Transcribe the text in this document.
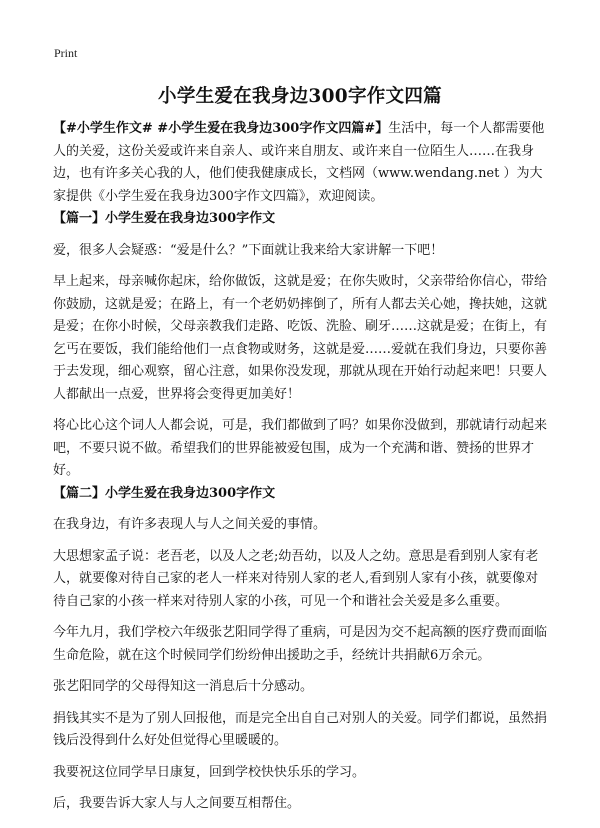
Print
小学生爱在我身边300字作文四篇

【#小学生作文# #小学生爱在我身边300字作文四篇#】生活中，每一个人都需要他人的关爱，这份关爱或许来自亲人、或许来自朋友、或许来自一位陌生人……在我身边，也有许多关心我的人，他们使我健康成长，文档网（www.wendang.net ）为大家提供《小学生爱在我身边300字作文四篇》，欢迎阅读。

【篇一】小学生爱在我身边300字作文

爱，很多人会疑惑：“爱是什么？”下面就让我来给大家讲解一下吧！

早上起来，母亲喊你起床，给你做饭，这就是爱；在你失败时，父亲带给你信心，带给你鼓励，这就是爱；在路上，有一个老奶奶摔倒了，所有人都去关心她，搀扶她，这就是爱；在你小时候，父母亲教我们走路、吃饭、洗脸、刷牙……这就是爱；在街上，有乞丐在要饭，我们能给他们一点食物或财务，这就是爱……爱就在我们身边，只要你善于去发现，细心观察，留心注意，如果你没发现，那就从现在开始行动起来吧！只要人人都献出一点爱，世界将会变得更加美好！

将心比心这个词人人都会说，可是，我们都做到了吗？如果你没做到，那就请行动起来吧，不要只说不做。希望我们的世界能被爱包围，成为一个充满和谐、赞扬的世界才好。

【篇二】小学生爱在我身边300字作文

在我身边，有许多表现人与人之间关爱的事情。

大思想家孟子说：老吾老，以及人之老;幼吾幼，以及人之幼。意思是看到别人家有老人，就要像对待自己家的老人一样来对待别人家的老人,看到别人家有小孩，就要像对待自己家的小孩一样来对待别人家的小孩，可见一个和谐社会关爱是多么重要。

今年九月，我们学校六年级张艺阳同学得了重病，可是因为交不起高额的医疗费而面临生命危险，就在这个时候同学们纷纷伸出援助之手，经统计共捐献6万余元。

张艺阳同学的父母得知这一消息后十分感动。

捐钱其实不是为了别人回报他，而是完全出自自己对别人的关爱。同学们都说，虽然捐钱后没得到什么好处但觉得心里暖暖的。

我要祝这位同学早日康复，回到学校快快乐乐的学习。

后，我要告诉大家人与人之间要互相帮住。
